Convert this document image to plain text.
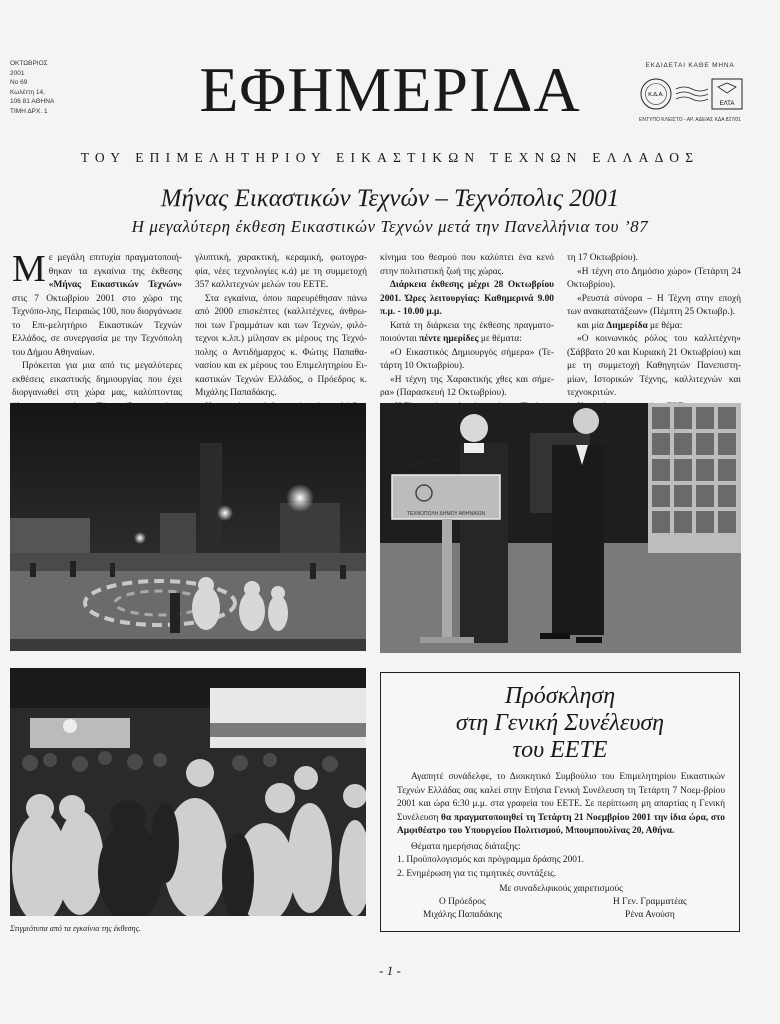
ΟΚΤΩΒΡΙΟΣ
2001
Νο 69
Κωλέττη 14,
106 81 ΑΘΗΝΑ
ΤΙΜΗ ΔΡΧ. 1	ΕΦΗΜΕΡΙΔΑ	ΕΚΔΙΔΕΤΑΙ ΚΑΘΕ ΜΗΝΑ
Κ.Δ.Α.
ΕΛΤΑ
ΕΝΤΥΠΟ ΚΛΕΙΣΤΟ - ΑΡ. ΑΔΕΙΑΣ ΚΔΑ 827/01
ΤΟΥ ΕΠΙΜΕΛΗΤΗΡΙΟΥ ΕΙΚΑΣΤΙΚΩΝ ΤΕΧΝΩΝ ΕΛΛΑΔΟΣ
Μήνας Εικαστικών Τεχνών – Τεχνόπολις 2001
Η μεγαλύτερη έκθεση Εικαστικών Τεχνών μετά την Πανελλήνια του ’87

Με μεγάλη επιτυχία πραγματοποιή-θηκαν τα εγκαίνια της έκθεσης «Μήνας Εικαστικών Τεχνών» στις 7 Οκτωβρίου 2001 στο χώρο της Τεχνόπο-λης, Πειραιώς 100, που διοργάνωσε το Επι-μελητήριο Εικαστικών Τεχνών Ελλάδος, σε συνεργασία με την Τεχνόπολη του Δήμου Αθηναίων.

Πρόκειται για μια από τις μεγαλύτερες εκθέσεις εικαστικής δημιουργίας που έχει διοργανωθεί στη χώρα μας, καλύπτοντας

γλυπτική, χαρακτική, κεραμική, φωτογρα-φία, νέες τεχνολογίες κ.ά) με τη συμμετοχή 357 καλλιτεχνών μελών του ΕΕΤΕ.

Στα εγκαίνια, όπου παρευρέθησαν πάνω από 2000 επισκέπτες (καλλιτέχνες, άνθρω-ποι των Γραμμάτων και των Τεχνών, φιλό-τεχνοι κ.λπ.) μίλησαν εκ μέρους της Τεχνό-πολης ο Αντιδήμαρχος κ. Φώτης Παπαθα-νασίου και εκ μέρους του Επιμελητηρίου Ει-καστικών Τεχνών Ελλάδος, ο Πρόεδρος κ. Μιχάλης Παπαδάκης.

κίνημα του θεσμού που καλύπτει ένα κενό στην πολιτιστική ζωή της χώρας.

Διάρκεια έκθεσης μέχρι 28 Οκτωβρίου 2001. Ώρες λειτουργίας: Καθημερινά 9.00 π.μ. - 10.00 μ.μ.

Κατά τη διάρκεια της έκθεσης πραγματο-ποιούνται πέντε ημερίδες με θέματα:

«Ο Εικαστικός Δημιουργός σήμερα» (Τε-τάρτη 10 Οκτωβρίου).

«Η τέχνη της Χαρακτικής χθες και σήμε-ρα» (Παρασκευή 12 Οκτωβρίου).

τη 17 Οκτωβρίου).

«Η τέχνη στο Δημόσιο χώρο» (Τετάρτη 24 Οκτωβρίου).

«Ρευστά σύνορα – Η Τέχνη στην εποχή των ανακατατάξεων» (Πέμπτη 25 Οκτωβρ.).

και μία Διημερίδα με θέμα:

«Ο κοινωνικός ρόλος του καλλιτέχνη» (Σάββατο 20 και Κυριακή 21 Οκτωβρίου) και με τη συμμετοχή Καθηγητών Πανεπιστη-μίων, Ιστορικών Τέχνης, καλλιτεχνών και τεχνοκριτών.

ΤΕΧΝΟΠΟΛΗ ΔΗΜΟΥ ΑΘΗΝΑΙΩΝ
Στιγμιότυπα από τα εγκαίνια της έκθεσης.
Πρόσκληση
στη Γενική Συνέλευση
του ΕΕΤΕ

Αγαπητέ συνάδελφε, το Διοικητικό Συμβούλιο του Επιμελητηρίου Εικαστικών Τεχνών Ελλάδας σας καλεί στην Ετήσια Γενική Συνέλευση τη Τετάρτη 7 Νοεμ-βρίου 2001 και ώρα 6:30 μ.μ. στα γραφεία του ΕΕΤΕ. Σε περίπτωση μη απαρτίας η Γενική Συνέλευση θα πραγματοποιηθεί τη Τετάρτη 21 Νοεμβρίου 2001 την ίδια ώρα, στο Αμφιθέατρο του Υπουργείου Πολιτισμού, Μπουμπουλίνας 20, Αθήνα.

Θέματα ημερήσιας διάταξης:

1. Προϋπολογισμός και πρόγραμμα δράσης 2001.

2. Ενημέρωση για τις τιμητικές συντάξεις.

Με συναδελφικούς χαιρετισμούς

Ο Πρόεδρος
Μιχάλης Παπαδάκης
Η Γεν. Γραμματέας
Ρένα Ανούση
- 1 -
